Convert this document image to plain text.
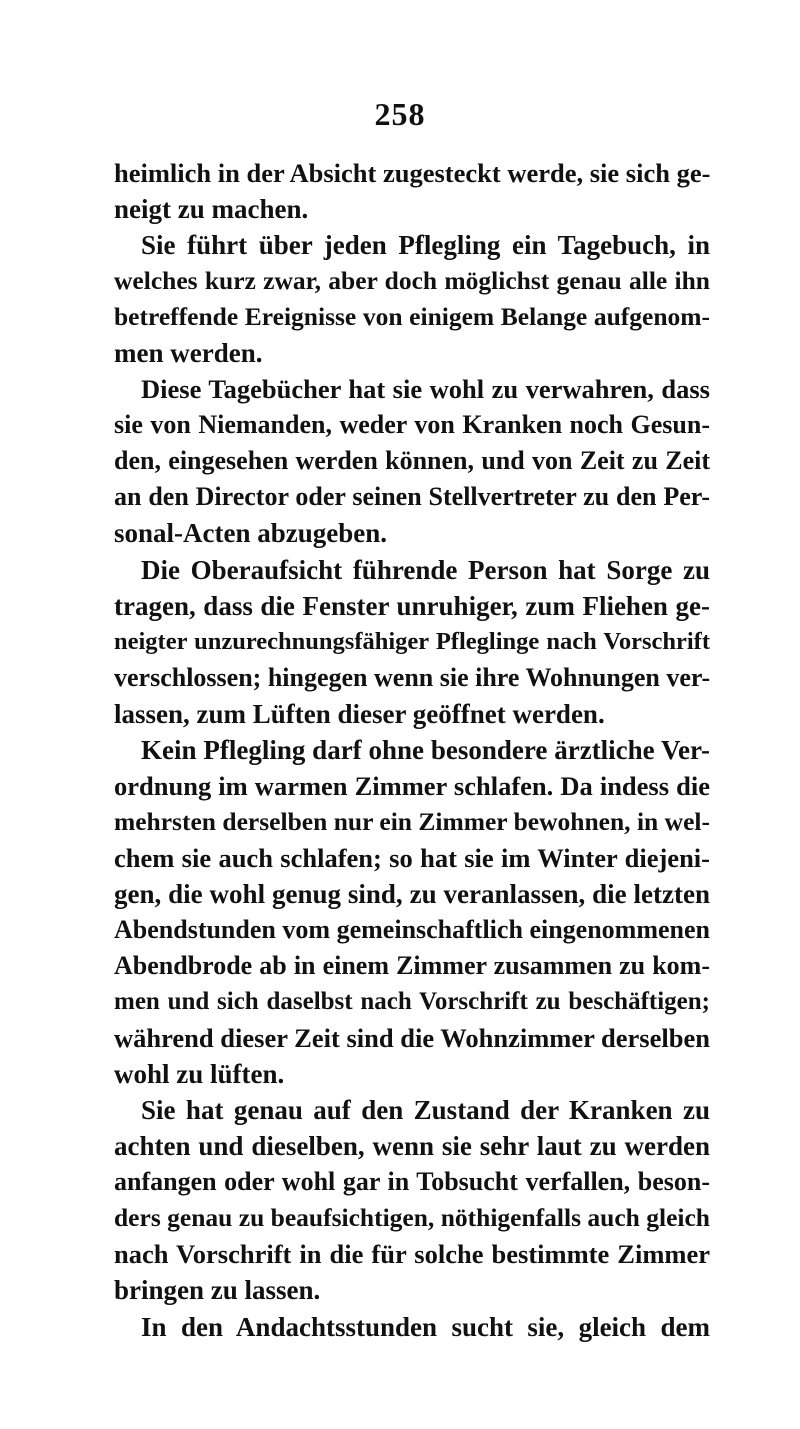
258
heimlich in der Absicht zugesteckt werde, sie sich ge-
neigt zu machen.
Sie führt über jeden Pflegling ein Tagebuch, in
welches kurz zwar, aber doch möglichst genau alle ihn
betreffende Ereignisse von einigem Belange aufgenom-
men werden.
Diese Tagebücher hat sie wohl zu verwahren, dass
sie von Niemanden, weder von Kranken noch Gesun-
den, eingesehen werden können, und von Zeit zu Zeit
an den Director oder seinen Stellvertreter zu den Per-
sonal-Acten abzugeben.
Die Oberaufsicht führende Person hat Sorge zu
tragen, dass die Fenster unruhiger, zum Fliehen ge-
neigter unzurechnungsfähiger Pfleglinge nach Vorschrift
verschlossen; hingegen wenn sie ihre Wohnungen ver-
lassen, zum Lüften dieser geöffnet werden.
Kein Pflegling darf ohne besondere ärztliche Ver-
ordnung im warmen Zimmer schlafen. Da indess die
mehrsten derselben nur ein Zimmer bewohnen, in wel-
chem sie auch schlafen; so hat sie im Winter diejeni-
gen, die wohl genug sind, zu veranlassen, die letzten
Abendstunden vom gemeinschaftlich eingenommenen
Abendbrode ab in einem Zimmer zusammen zu kom-
men und sich daselbst nach Vorschrift zu beschäftigen;
während dieser Zeit sind die Wohnzimmer derselben
wohl zu lüften.
Sie hat genau auf den Zustand der Kranken zu
achten und dieselben, wenn sie sehr laut zu werden
anfangen oder wohl gar in Tobsucht verfallen, beson-
ders genau zu beaufsichtigen, nöthigenfalls auch gleich
nach Vorschrift in die für solche bestimmte Zimmer
bringen zu lassen.
In den Andachtsstunden sucht sie, gleich dem
